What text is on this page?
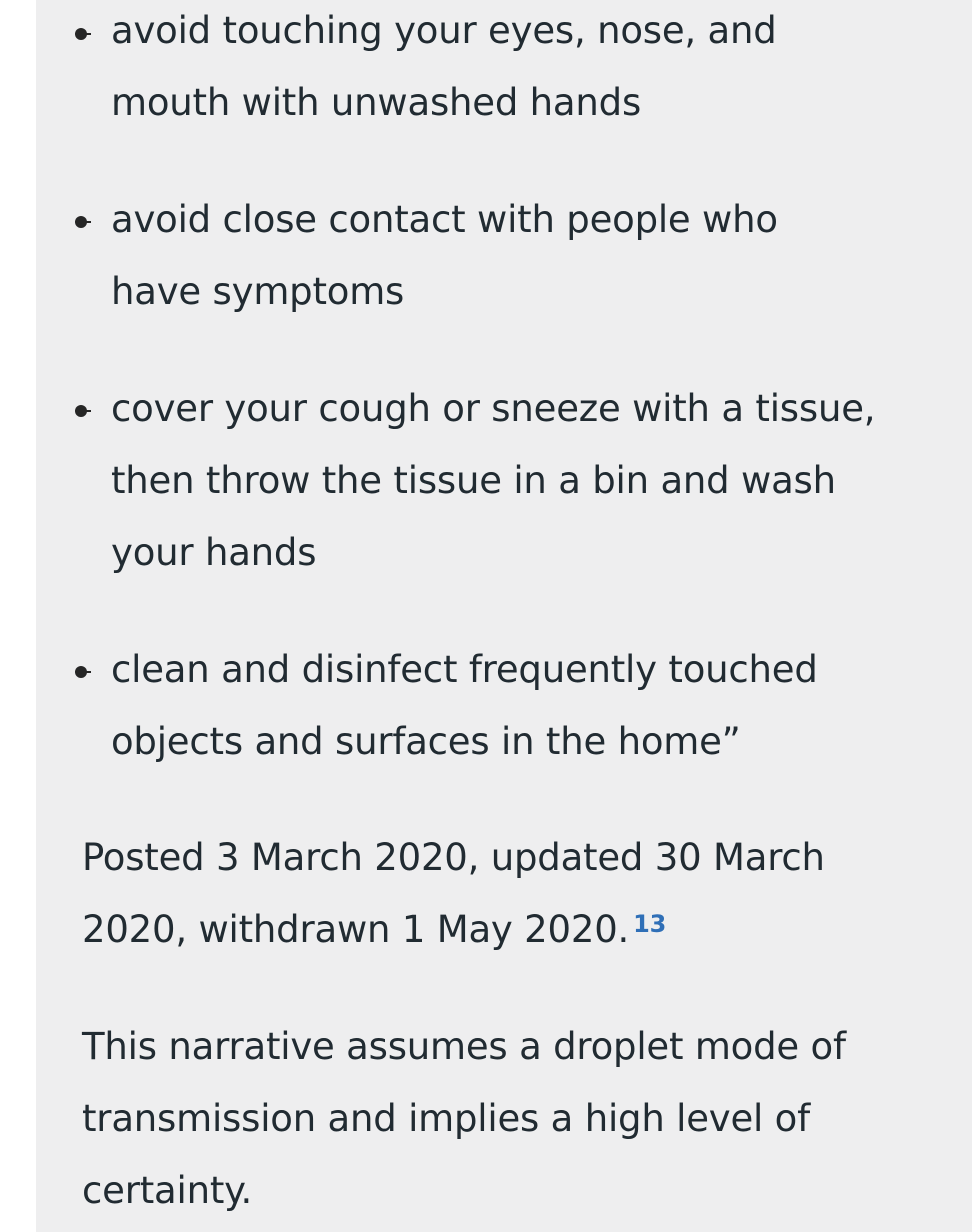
avoid touching your eyes, nose, and
mouth with unwashed hands
avoid close contact with people who
have symptoms
cover your cough or sneeze with a tissue,
then throw the tissue in a bin and wash
your hands
clean and disinfect frequently touched
objects and surfaces in the home”

Posted 3 March 2020, updated 30 March
2020, withdrawn 1 May 2020. $^{13}$

This narrative assumes a droplet mode of
transmission and implies a high level of
certainty.
